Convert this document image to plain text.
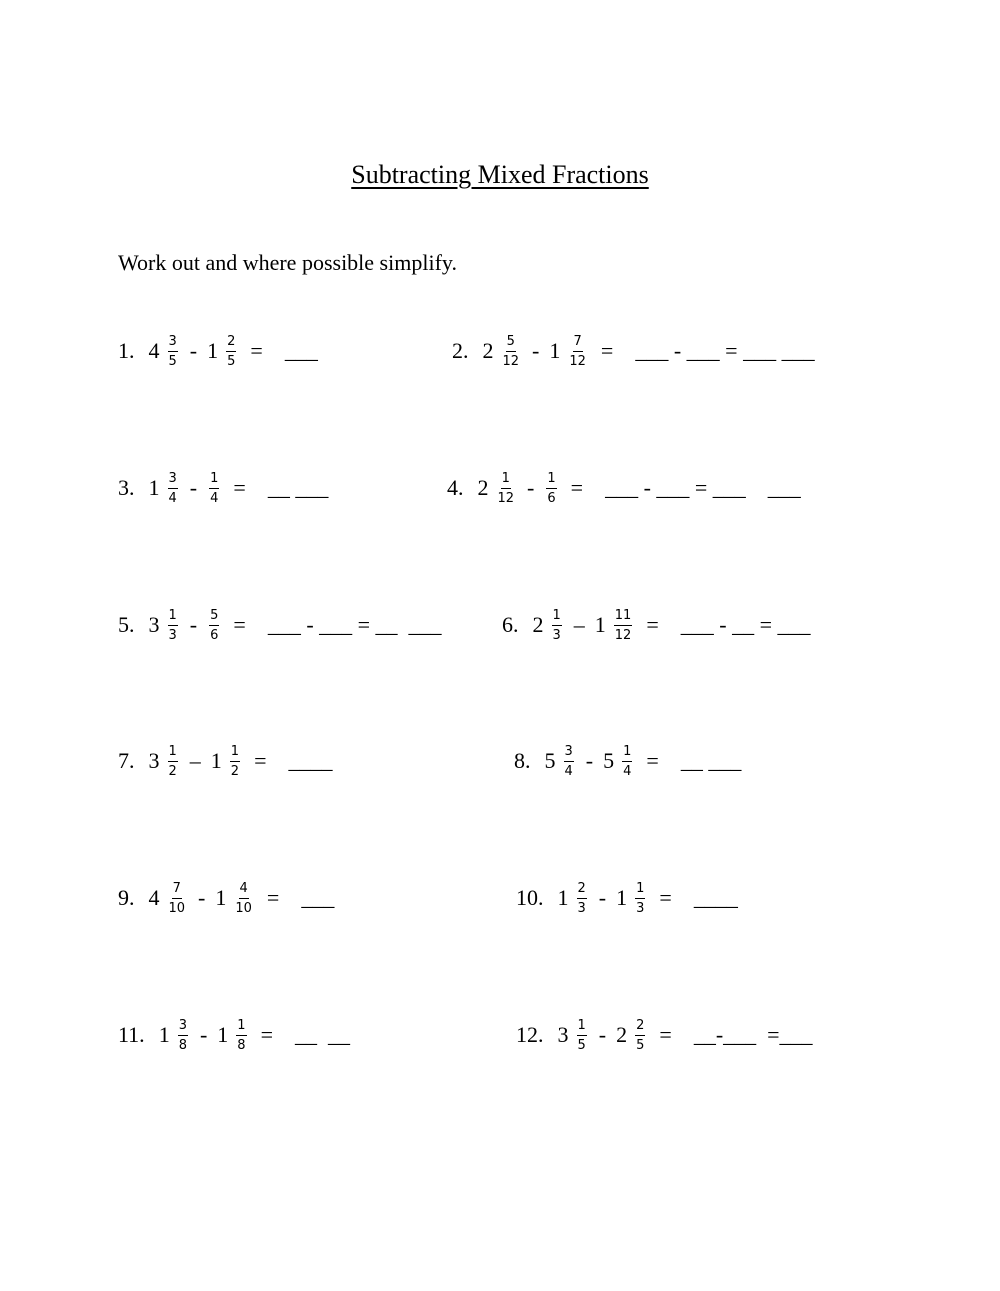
Subtracting Mixed Fractions
Work out and where possible simplify.
1. $4 \frac{3}{5} - 1 \frac{2}{5}$ = ___	2. $2 \frac{5}{12} - 1 \frac{7}{12}$ = ___ - ___ = ___ ___
3. $1 \frac{3}{4} - \frac{1}{4}$ = __ ___	4. $2 \frac{1}{12} - \frac{1}{6}$ = ___ - ___ = ___    ___
5. $3 \frac{1}{3} - \frac{5}{6}$ = ___ - ___ = __  ___	6. $2 \frac{1}{3} - 1 \frac{11}{12}$ = ___ - __ = ___
7. $3 \frac{1}{2} - 1 \frac{1}{2}$ = ____	8. $5 \frac{3}{4} - 5 \frac{1}{4}$ = __ ___
9. $4 \frac{7}{10} - 1 \frac{4}{10}$ = ___	10. $1 \frac{2}{3} - 1 \frac{1}{3}$ = ____
11. $1 \frac{3}{8} - 1 \frac{1}{8}$ = __  __	12. $3 \frac{1}{5} - 2 \frac{2}{5}$ = __-___  =___
